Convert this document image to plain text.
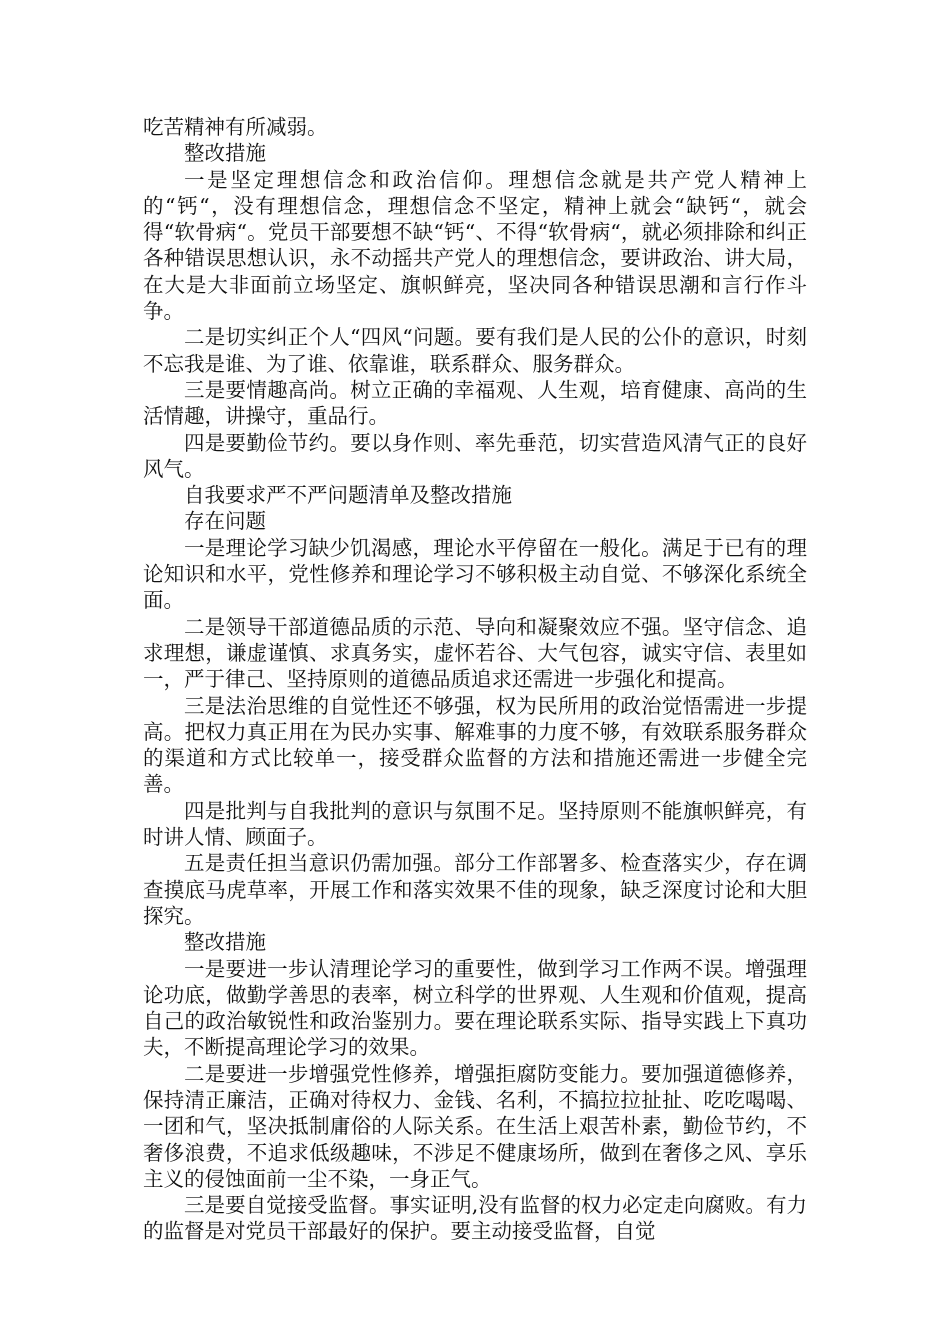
吃苦精神有所减弱。

整改措施

一是坚定理想信念和政治信仰。理想信念就是共产党人精神上的“钙“，没有理想信念，理想信念不坚定，精神上就会“缺钙“，就会得“软骨病“。党员干部要想不缺“钙“、不得“软骨病“，就必须排除和纠正各种错误思想认识，永不动摇共产党人的理想信念，要讲政治、讲大局，在大是大非面前立场坚定、旗帜鲜亮，坚决同各种错误思潮和言行作斗争。

二是切实纠正个人“四风“问题。要有我们是人民的公仆的意识，时刻不忘我是谁、为了谁、依靠谁，联系群众、服务群众。

三是要情趣高尚。树立正确的幸福观、人生观，培育健康、高尚的生活情趣，讲操守，重品行。

四是要勤俭节约。要以身作则、率先垂范，切实营造风清气正的良好风气。

自我要求严不严问题清单及整改措施

存在问题

一是理论学习缺少饥渴感，理论水平停留在一般化。满足于已有的理论知识和水平，党性修养和理论学习不够积极主动自觉、不够深化系统全面。

二是领导干部道德品质的示范、导向和凝聚效应不强。坚守信念、追求理想，谦虚谨慎、求真务实，虚怀若谷、大气包容，诚实守信、表里如一，严于律己、坚持原则的道德品质追求还需进一步强化和提高。

三是法治思维的自觉性还不够强，权为民所用的政治觉悟需进一步提高。把权力真正用在为民办实事、解难事的力度不够，有效联系服务群众的渠道和方式比较单一，接受群众监督的方法和措施还需进一步健全完善。

四是批判与自我批判的意识与氛围不足。坚持原则不能旗帜鲜亮，有时讲人情、顾面子。

五是责任担当意识仍需加强。部分工作部署多、检查落实少，存在调查摸底马虎草率，开展工作和落实效果不佳的现象，缺乏深度讨论和大胆探究。

整改措施

一是要进一步认清理论学习的重要性，做到学习工作两不误。增强理论功底，做勤学善思的表率，树立科学的世界观、人生观和价值观，提高自己的政治敏锐性和政治鉴别力。要在理论联系实际、指导实践上下真功夫，不断提高理论学习的效果。

二是要进一步增强党性修养，增强拒腐防变能力。要加强道德修养，保持清正廉洁，正确对待权力、金钱、名利，不搞拉拉扯扯、吃吃喝喝、一团和气，坚决抵制庸俗的人际关系。在生活上艰苦朴素，勤俭节约，不奢侈浪费，不追求低级趣味，不涉足不健康场所，做到在奢侈之风、享乐主义的侵蚀面前一尘不染，一身正气。

三是要自觉接受监督。事实证明,没有监督的权力必定走向腐败。有力的监督是对党员干部最好的保护。要主动接受监督，自觉
